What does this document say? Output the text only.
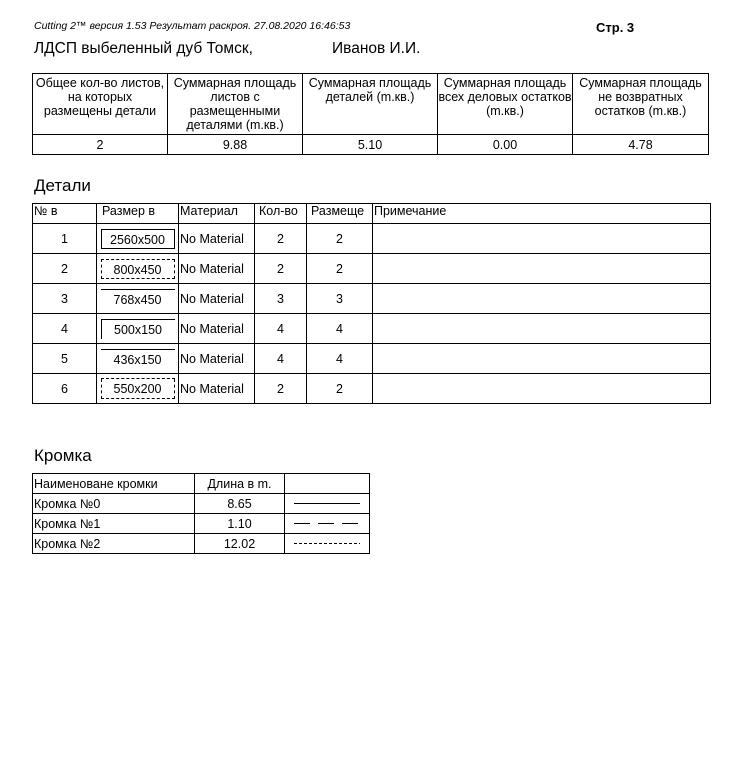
Cutting 2™ версия 1.53 Результат раскроя. 27.08.2020 16:46:53	Стр. 3
ЛДСП выбеленный дуб Томск,	Иванов И.И.
Общее кол-во листов, на которых размещены детали	Суммарная площадь листов с размещенными деталями (m.кв.)	Суммарная площадь деталей (m.кв.)	Суммарная площадь всех деловых остатков (m.кв.)	Суммарная площадь не возвратных остатков (m.кв.)
2	9.88	5.10	0.00	4.78
Детали
№ в	Размер в	Материал	Кол-во	Размеще	Примечание
1	2560x500	No Material	2	2	
2	800x450	No Material	2	2	
3	768x450	No Material	3	3	
4	500x150	No Material	4	4	
5	436x150	No Material	4	4	
6	550x200	No Material	2	2	
Кромка
Наименоване кромки	Длина в m.	
Кромка №0	8.65	

Кромка №1	1.10	

Кромка №2	12.02	
